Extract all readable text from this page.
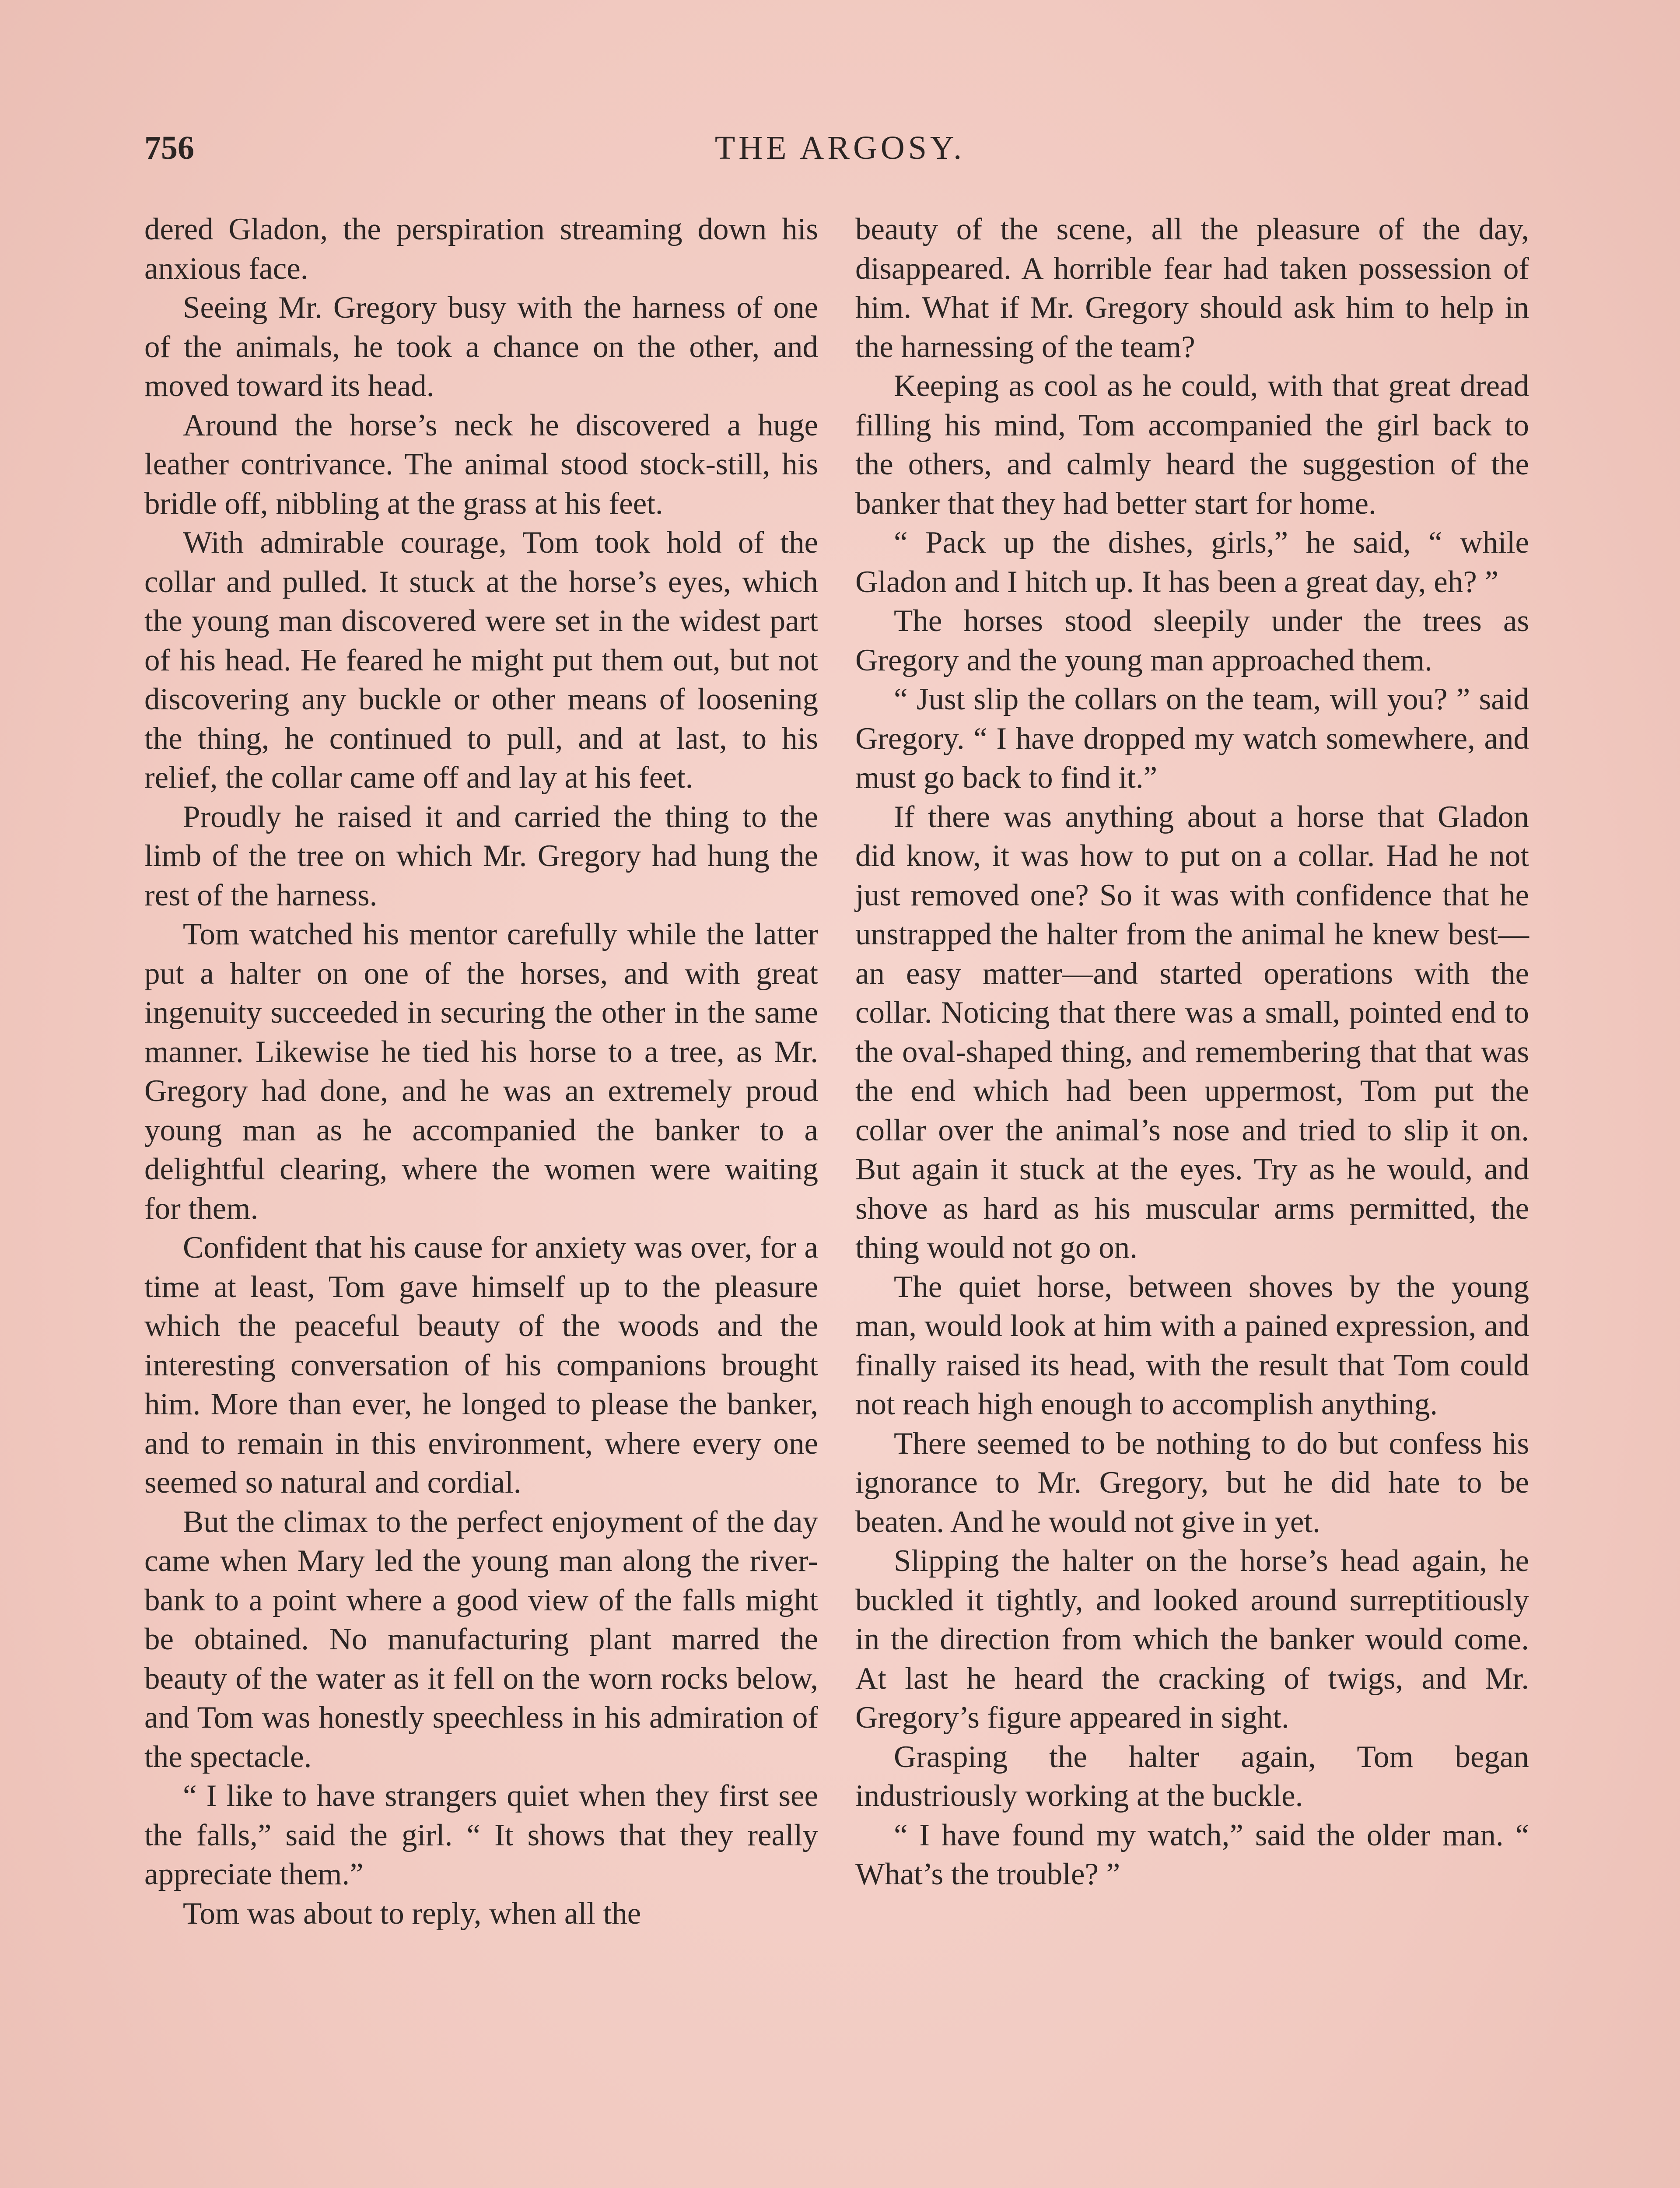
756	THE ARGOSY.

dered Gladon, the perspiration streaming down his anxious face.

Seeing Mr. Gregory busy with the harness of one of the animals, he took a chance on the other, and moved toward its head.

Around the horse’s neck he discovered a huge leather contrivance. The animal stood stock-still, his bridle off, nibbling at the grass at his feet.

With admirable courage, Tom took hold of the collar and pulled. It stuck at the horse’s eyes, which the young man discovered were set in the widest part of his head. He feared he might put them out, but not discovering any buckle or other means of loosening the thing, he continued to pull, and at last, to his relief, the collar came off and lay at his feet.

Proudly he raised it and carried the thing to the limb of the tree on which Mr. Gregory had hung the rest of the harness.

Tom watched his mentor carefully while the latter put a halter on one of the horses, and with great ingenuity succeeded in securing the other in the same manner. Likewise he tied his horse to a tree, as Mr. Gregory had done, and he was an extremely proud young man as he accompanied the banker to a delightful clearing, where the women were waiting for them.

Confident that his cause for anxiety was over, for a time at least, Tom gave himself up to the pleasure which the peaceful beauty of the woods and the interesting conversation of his companions brought him. More than ever, he longed to please the banker, and to remain in this environment, where every one seemed so natural and cordial.

But the climax to the perfect enjoyment of the day came when Mary led the young man along the river-bank to a point where a good view of the falls might be obtained. No manufacturing plant marred the beauty of the water as it fell on the worn rocks below, and Tom was honestly speechless in his admiration of the spectacle.

“ I like to have strangers quiet when they first see the falls,” said the girl. “ It shows that they really appreciate them.”

Tom was about to reply, when all the

beauty of the scene, all the pleasure of the day, disappeared. A horrible fear had taken possession of him. What if Mr. Gregory should ask him to help in the harnessing of the team?

Keeping as cool as he could, with that great dread filling his mind, Tom accompanied the girl back to the others, and calmly heard the suggestion of the banker that they had better start for home.

“ Pack up the dishes, girls,” he said, “ while Gladon and I hitch up. It has been a great day, eh? ”

The horses stood sleepily under the trees as Gregory and the young man approached them.

“ Just slip the collars on the team, will you? ” said Gregory. “ I have dropped my watch somewhere, and must go back to find it.”

If there was anything about a horse that Gladon did know, it was how to put on a collar. Had he not just removed one? So it was with confidence that he unstrapped the halter from the animal he knew best—an easy matter—and started operations with the collar. Noticing that there was a small, pointed end to the oval-shaped thing, and remembering that that was the end which had been uppermost, Tom put the collar over the animal’s nose and tried to slip it on. But again it stuck at the eyes. Try as he would, and shove as hard as his muscular arms permitted, the thing would not go on.

The quiet horse, between shoves by the young man, would look at him with a pained expression, and finally raised its head, with the result that Tom could not reach high enough to accomplish anything.

There seemed to be nothing to do but confess his ignorance to Mr. Gregory, but he did hate to be beaten. And he would not give in yet.

Slipping the halter on the horse’s head again, he buckled it tightly, and looked around surreptitiously in the direction from which the banker would come. At last he heard the cracking of twigs, and Mr. Gregory’s figure appeared in sight.

Grasping the halter again, Tom began industriously working at the buckle.

“ I have found my watch,” said the older man. “ What’s the trouble? ”
